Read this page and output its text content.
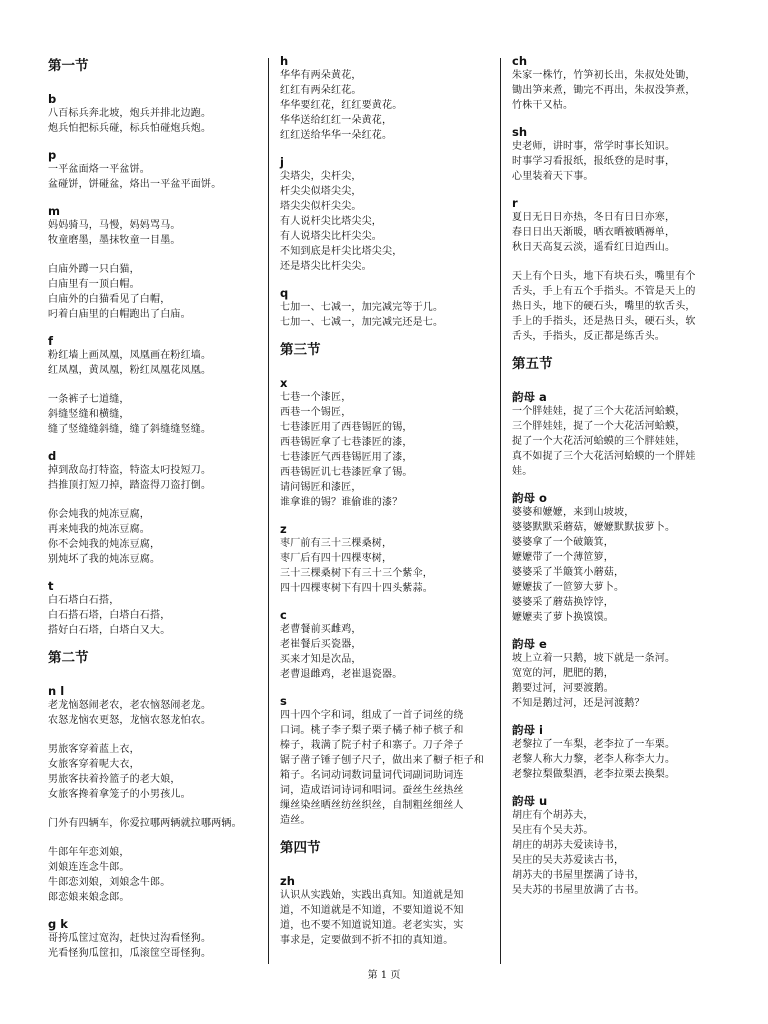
第一节
b
八百标兵奔北坡，炮兵并排北边跑。
炮兵怕把标兵碰，标兵怕碰炮兵炮。
p
一平盆面烙一平盆饼。
盆碰饼，饼碰盆，烙出一平盆平面饼。
m
妈妈骑马，马慢，妈妈骂马。
牧童磨墨，墨抹牧童一目墨。
白庙外蹲一只白猫，
白庙里有一顶白帽。
白庙外的白猫看见了白帽，
叼着白庙里的白帽跑出了白庙。
f
粉红墙上画凤凰，凤凰画在粉红墙。
红凤凰，黄凤凰，粉红凤凰花凤凰。
一条裤子七道缝，
斜缝竖缝和横缝，
缝了竖缝缝斜缝，缝了斜缝缝竖缝。
d
掉到敌岛打特盗，特盗太叼投短刀。
挡推顶打短刀掉，踏盗得刀盗打倒。
你会炖我的炖冻豆腐，
再来炖我的炖冻豆腐。
你不会炖我的炖冻豆腐，
别炖坏了我的炖冻豆腐。
t
白石塔白石搭，
白石搭石塔，白塔白石搭，
搭好白石塔，白塔白又大。
第二节
n l
老龙恼怒闹老农，老农恼怒闹老龙。
农怒龙恼农更怒，龙恼农怒龙怕农。
男旅客穿着蓝上衣，
女旅客穿着呢大衣，
男旅客扶着拎篮子的老大娘，
女旅客搀着拿笼子的小男孩儿。
门外有四辆车，你爱拉哪两辆就拉哪两辆。
牛郎年年恋刘娘，
刘娘连连念牛郎。
牛郎恋刘娘，刘娘念牛郎。
郎恋娘来娘念郎。
g k
哥挎瓜筐过宽沟，赶快过沟看怪狗。
光看怪狗瓜筐扣，瓜滚筐空哥怪狗。
h
华华有两朵黄花，
红红有两朵红花。
华华要红花，红红要黄花。
华华送给红红一朵黄花，
红红送给华华一朵红花。
j
尖塔尖，尖杆尖，
杆尖尖似塔尖尖，
塔尖尖似杆尖尖。
有人说杆尖比塔尖尖，
有人说塔尖比杆尖尖。
不知到底是杆尖比塔尖尖，
还是塔尖比杆尖尖。
q
七加一、七减一，加完减完等于几。
七加一、七减一，加完减完还是七。
第三节
x
七巷一个漆匠，
西巷一个锡匠，
七巷漆匠用了西巷锡匠的锡，
西巷锡匠拿了七巷漆匠的漆，
七巷漆匠气西巷锡匠用了漆，
西巷锡匠讥七巷漆匠拿了锡。
请问锡匠和漆匠，
谁拿谁的锡？谁偷谁的漆？
z
枣厂前有三十三棵桑树，
枣厂后有四十四棵枣树，
三十三棵桑树下有三十三个紫伞，
四十四棵枣树下有四十四头紫蒜。
c
老曹餐前买雌鸡，
老崔餐后买瓷器，
买来才知是次品，
老曹退雌鸡，老崔退瓷器。
s
四十四个字和词，组成了一首子词丝的绕
口词。桃子李子梨子栗子橘子柿子槟子和
榛子，栽满了院子村子和寨子。刀子斧子
锯子凿子锤子刨子尺子，做出来了橱子柜子和
箱子。名词动词数词量词代词副词助词连
词，造成语词诗词和唱词。蚕丝生丝热丝
缫丝染丝晒丝纺丝织丝，自制粗丝细丝人
造丝。
第四节
zh
认识从实践始，实践出真知。知道就是知
道，不知道就是不知道，不要知道说不知
道，也不要不知道说知道。老老实实，实
事求是，定要做到不折不扣的真知道。
ch
朱家一株竹，竹笋初长出，朱叔处处锄，
锄出笋来煮，锄完不再出，朱叔没笋煮，
竹株干又枯。
sh
史老师，讲时事，常学时事长知识。
时事学习看报纸，报纸登的是时事，
心里装着天下事。
r
夏日无日日亦热，冬日有日日亦寒，
春日日出天渐暖，晒衣晒被晒褥单，
秋日天高复云淡，遥看红日迫西山。
天上有个日头，地下有块石头，嘴里有个
舌头，手上有五个手指头。不管是天上的
热日头，地下的硬石头，嘴里的软舌头，
手上的手指头，还是热日头，硬石头，软
舌头，手指头，反正都是练舌头。
第五节
韵母 a
一个胖娃娃，捉了三个大花活河蛤蟆，
三个胖娃娃，捉了一个大花活河蛤蟆，
捉了一个大花活河蛤蟆的三个胖娃娃，
真不如捉了三个大花活河蛤蟆的一个胖娃
娃。
韵母 o
婆婆和嬷嬷，来到山坡坡，
婆婆默默采蘑菇，嬷嬷默默拔萝卜。
婆婆拿了一个破簸箕，
嬷嬷带了一个薄笸箩，
婆婆采了半簸箕小蘑菇，
嬷嬷拔了一笸箩大萝卜。
婆婆采了蘑菇换饽饽，
嬷嬷卖了萝卜换馍馍。
韵母 e
坡上立着一只鹅，坡下就是一条河。
宽宽的河，肥肥的鹅，
鹅要过河，河要渡鹅。
不知是鹅过河，还是河渡鹅？
韵母 i
老黎拉了一车梨，老李拉了一车栗。
老黎人称大力黎，老李人称李大力。
老黎拉梨做梨酒，老李拉栗去换梨。
韵母 u
胡庄有个胡苏夫，
吴庄有个吴夫苏。
胡庄的胡苏夫爱读诗书，
吴庄的吴夫苏爱读古书，
胡苏夫的书屋里摆满了诗书，
吴夫苏的书屋里放满了古书。
第 1 页
